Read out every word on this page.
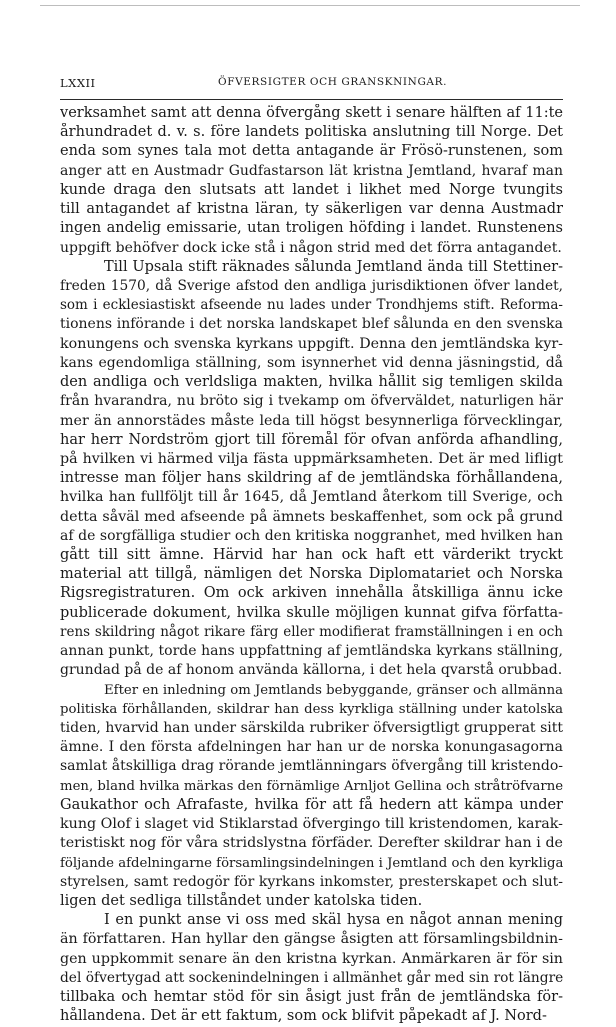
LXXII	ÖFVERSIGTER OCH GRANSKNINGAR.
verksamhet samt att denna öfvergång skett i senare hälften af 11:te
århundradet d. v. s. före landets politiska anslutning till Norge. Det
enda som synes tala mot detta antagande är Frösö-runstenen, som
anger att en Austmadr Gudfastarson lät kristna Jemtland, hvaraf man
kunde draga den slutsats att landet i likhet med Norge tvungits
till antagandet af kristna läran, ty säkerligen var denna Austmadr
ingen andelig emissarie, utan troligen höfding i landet. Runstenens
uppgift behöfver dock icke stå i någon strid med det förra antagandet.
Till Upsala stift räknades sålunda Jemtland ända till Stettiner-
freden 1570, då Sverige afstod den andliga jurisdiktionen öfver landet,
som i ecklesiastiskt afseende nu lades under Trondhjems stift. Reforma-
tionens införande i det norska landskapet blef sålunda en den svenska
konungens och svenska kyrkans uppgift. Denna den jemtländska kyr-
kans egendomliga ställning, som isynnerhet vid denna jäsningstid, då
den andliga och verldsliga makten, hvilka hållit sig temligen skilda
från hvarandra, nu bröto sig i tvekamp om öfverväldet, naturligen här
mer än annorstädes måste leda till högst besynnerliga förvecklingar,
har herr Nordström gjort till föremål för ofvan anförda afhandling,
på hvilken vi härmed vilja fästa uppmärksamheten. Det är med lifligt
intresse man följer hans skildring af de jemtländska förhållandena,
hvilka han fullföljt till år 1645, då Jemtland återkom till Sverige, och
detta såväl med afseende på ämnets beskaffenhet, som ock på grund
af de sorgfälliga studier och den kritiska noggranhet, med hvilken han
gått till sitt ämne. Härvid har han ock haft ett värderikt tryckt
material att tillgå, nämligen det Norska Diplomatariet och Norska
Rigsregistraturen. Om ock arkiven innehålla åtskilliga ännu icke
publicerade dokument, hvilka skulle möjligen kunnat gifva författa-
rens skildring något rikare färg eller modifierat framställningen i en och
annan punkt, torde hans uppfattning af jemtländska kyrkans ställning,
grundad på de af honom använda källorna, i det hela qvarstå orubbad.
Efter en inledning om Jemtlands bebyggande, gränser och allmänna
politiska förhållanden, skildrar han dess kyrkliga ställning under katolska
tiden, hvarvid han under särskilda rubriker öfversigtligt grupperat sitt
ämne. I den första afdelningen har han ur de norska konungasagorna
samlat åtskilliga drag rörande jemtlänningars öfvergång till kristendo-
men, bland hvilka märkas den förnämlige Arnljot Gellina och stråtröfvarne
Gaukathor och Afrafaste, hvilka för att få hedern att kämpa under
kung Olof i slaget vid Stiklarstad öfvergingo till kristendomen, karak-
teristiskt nog för våra stridslystna förfäder. Derefter skildrar han i de
följande afdelningarne församlingsindelningen i Jemtland och den kyrkliga
styrelsen, samt redogör för kyrkans inkomster, presterskapet och slut-
ligen det sedliga tillståndet under katolska tiden.
I en punkt anse vi oss med skäl hysa en något annan mening
än författaren. Han hyllar den gängse åsigten att församlingsbildnin-
gen uppkommit senare än den kristna kyrkan. Anmärkaren är för sin
del öfvertygad att sockenindelningen i allmänhet går med sin rot längre
tillbaka och hemtar stöd för sin åsigt just från de jemtländska för-
hållandena. Det är ett faktum, som ock blifvit påpekadt af J. Nord-
